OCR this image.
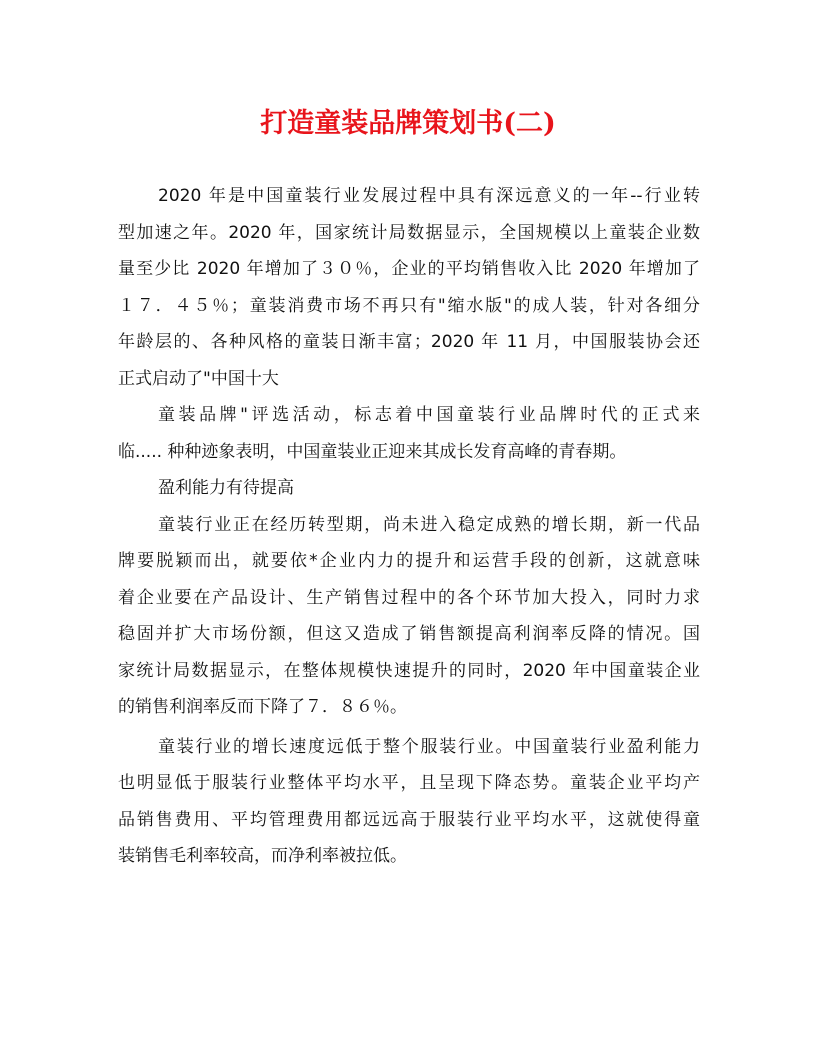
打造童装品牌策划书(二)
2020 年是中国童装行业发展过程中具有深远意义的一年--行业转
型加速之年。2020 年，国家统计局数据显示，全国规模以上童装企业数
量至少比 2020 年增加了３０％，企业的平均销售收入比 2020 年增加了
１７．４５％；童装消费市场不再只有"缩水版"的成人装，针对各细分
年龄层的、各种风格的童装日渐丰富；2020 年 11 月，中国服装协会还
正式启动了"中国十大
童装品牌"评选活动，标志着中国童装行业品牌时代的正式来
临..... 种种迹象表明，中国童装业正迎来其成长发育高峰的青春期。
盈利能力有待提高
童装行业正在经历转型期，尚未进入稳定成熟的增长期，新一代品
牌要脱颖而出，就要依*企业内力的提升和运营手段的创新，这就意味
着企业要在产品设计、生产销售过程中的各个环节加大投入，同时力求
稳固并扩大市场份额，但这又造成了销售额提高利润率反降的情况。国
家统计局数据显示，在整体规模快速提升的同时，2020 年中国童装企业
的销售利润率反而下降了７．８６％。
童装行业的增长速度远低于整个服装行业。中国童装行业盈利能力
也明显低于服装行业整体平均水平，且呈现下降态势。童装企业平均产
品销售费用、平均管理费用都远远高于服装行业平均水平，这就使得童
装销售毛利率较高，而净利率被拉低。
